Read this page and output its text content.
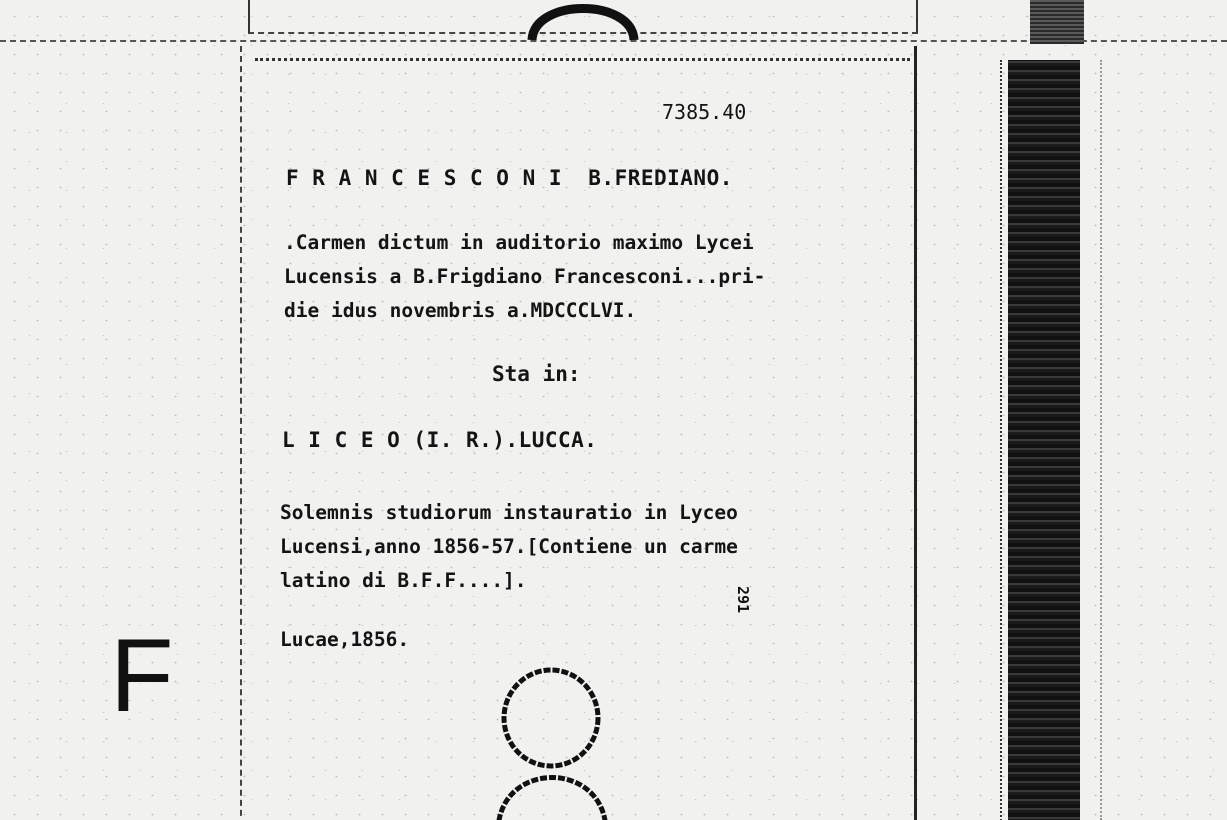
7385.40
F R A N C E S C O N I  B.FREDIANO.
.Carmen dictum in auditorio maximo Lycei
Lucensis a B.Frigdiano Francesconi...pri-
die idus novembris a.MDCCCLVI.
Sta in:
L I C E O (I. R.).LUCCA.
Solemnis studiorum instauratio in Lyceo
Lucensi,anno 1856-57.[Contiene un carme
latino di B.F.F....].
Lucae,1856.
291
F
